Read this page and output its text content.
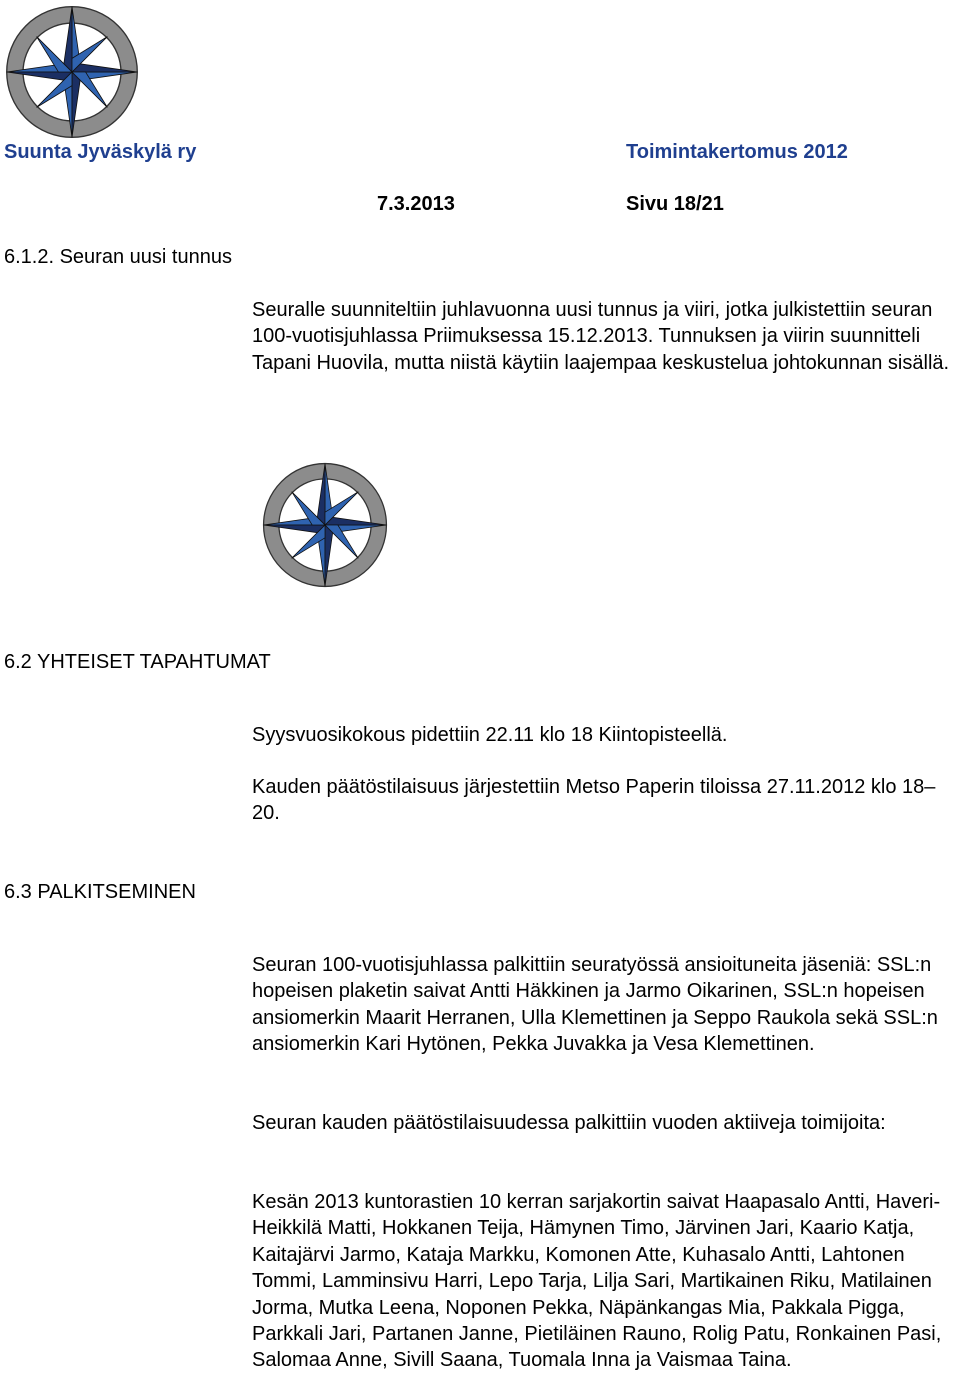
Suunta Jyväskylä ry	Toimintakertomus 2012
7.3.2013	Sivu 18/21
6.1.2. Seuran uusi tunnus

Seuralle suunniteltiin juhlavuonna uusi tunnus ja viiri, jotka julkistettiin seuran 100-vuotisjuhlassa Priimuksessa 15.12.2013. Tunnuksen ja viirin suunnitteli Tapani Huovila, mutta niistä käytiin laajempaa keskustelua johtokunnan sisällä.

6.2 YHTEISET TAPAHTUMAT

Syysvuosikokous pidettiin 22.11 klo 18 Kiintopisteellä.

Kauden päätöstilaisuus järjestettiin Metso Paperin tiloissa 27.11.2012 klo 18–20.

6.3 PALKITSEMINEN

Seuran 100-vuotisjuhlassa palkittiin seuratyössä ansioituneita jäseniä: SSL:n hopeisen plaketin saivat Antti Häkkinen ja Jarmo Oikarinen, SSL:n hopeisen ansiomerkin Maarit Herranen, Ulla Klemettinen ja Seppo Raukola sekä SSL:n ansiomerkin Kari Hytönen, Pekka Juvakka ja Vesa Klemettinen.

Seuran kauden päätöstilaisuudessa palkittiin vuoden aktiiveja toimijoita:

Kesän 2013 kuntorastien 10 kerran sarjakortin saivat Haapasalo Antti, Haveri-Heikkilä Matti, Hokkanen Teija, Hämynen Timo, Järvinen Jari, Kaario Katja, Kaitajärvi Jarmo, Kataja Markku, Komonen Atte, Kuhasalo Antti, Lahtonen Tommi, Lamminsivu Harri, Lepo Tarja, Lilja Sari, Martikainen Riku, Matilainen Jorma, Mutka Leena, Noponen Pekka, Näpänkangas Mia, Pakkala Pigga, Parkkali Jari, Partanen Janne, Pietiläinen Rauno, Rolig Patu, Ronkainen Pasi, Salomaa Anne, Sivill Saana, Tuomala Inna ja Vaismaa Taina.
